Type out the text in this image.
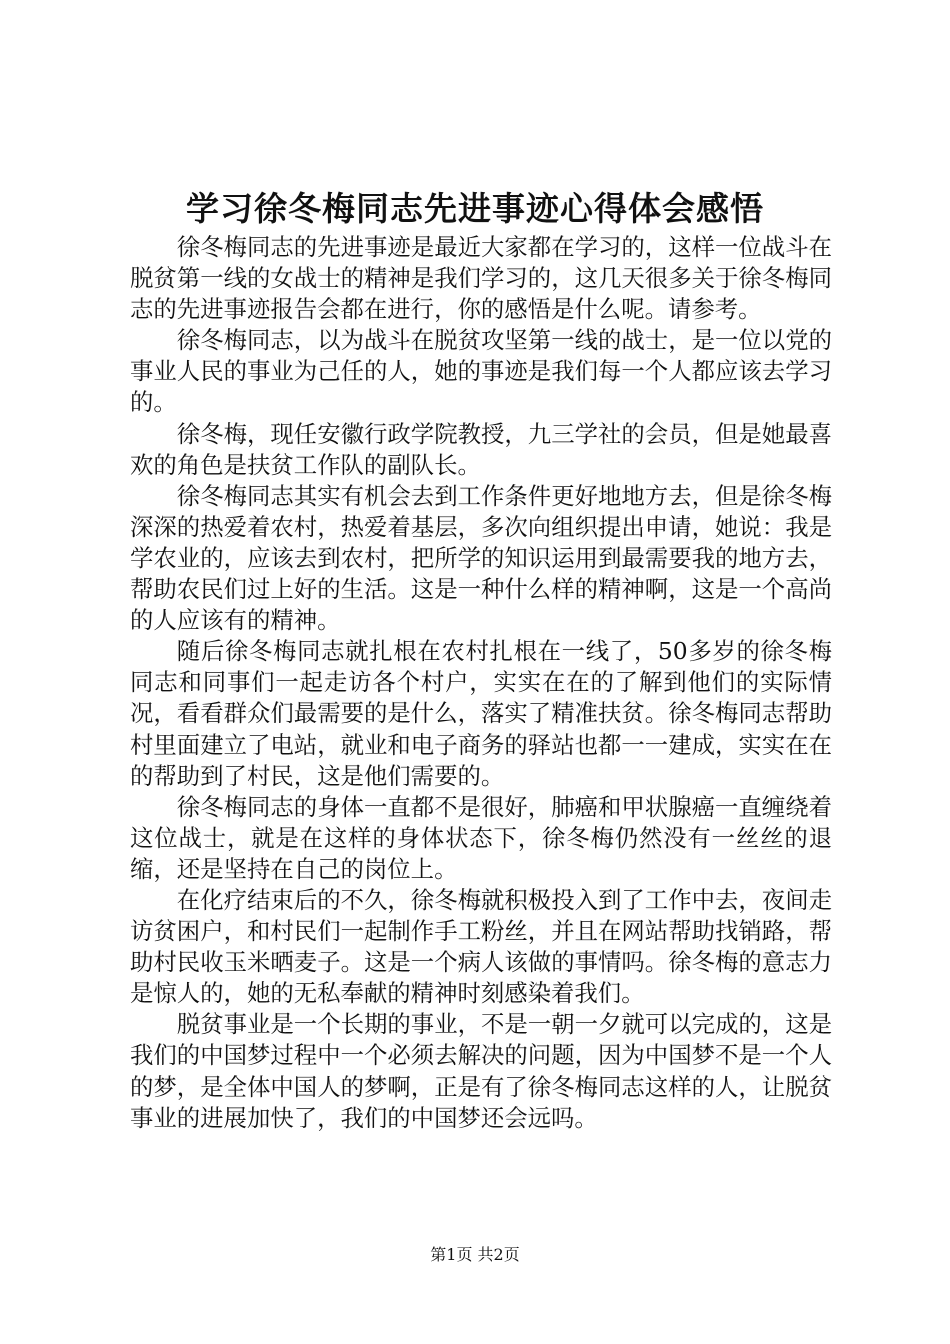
学习徐冬梅同志先进事迹心得体会感悟

徐冬梅同志的先进事迹是最近大家都在学习的，这样一位战斗在脱贫第一线的女战士的精神是我们学习的，这几天很多关于徐冬梅同志的先进事迹报告会都在进行，你的感悟是什么呢。请参考。

徐冬梅同志，以为战斗在脱贫攻坚第一线的战士，是一位以党的事业人民的事业为己任的人，她的事迹是我们每一个人都应该去学习的。

徐冬梅，现任安徽行政学院教授，九三学社的会员，但是她最喜欢的角色是扶贫工作队的副队长。

徐冬梅同志其实有机会去到工作条件更好地地方去，但是徐冬梅深深的热爱着农村，热爱着基层，多次向组织提出申请，她说：我是学农业的，应该去到农村，把所学的知识运用到最需要我的地方去，帮助农民们过上好的生活。这是一种什么样的精神啊，这是一个高尚的人应该有的精神。

随后徐冬梅同志就扎根在农村扎根在一线了，50多岁的徐冬梅同志和同事们一起走访各个村户，实实在在的了解到他们的实际情况，看看群众们最需要的是什么，落实了精准扶贫。徐冬梅同志帮助村里面建立了电站，就业和电子商务的驿站也都一一建成，实实在在的帮助到了村民，这是他们需要的。

徐冬梅同志的身体一直都不是很好，肺癌和甲状腺癌一直缠绕着这位战士，就是在这样的身体状态下，徐冬梅仍然没有一丝丝的退缩，还是坚持在自己的岗位上。

在化疗结束后的不久，徐冬梅就积极投入到了工作中去，夜间走访贫困户，和村民们一起制作手工粉丝，并且在网站帮助找销路，帮助村民收玉米晒麦子。这是一个病人该做的事情吗。徐冬梅的意志力是惊人的，她的无私奉献的精神时刻感染着我们。

脱贫事业是一个长期的事业，不是一朝一夕就可以完成的，这是我们的中国梦过程中一个必须去解决的问题，因为中国梦不是一个人的梦，是全体中国人的梦啊，正是有了徐冬梅同志这样的人，让脱贫事业的进展加快了，我们的中国梦还会远吗。

第1页 共2页
